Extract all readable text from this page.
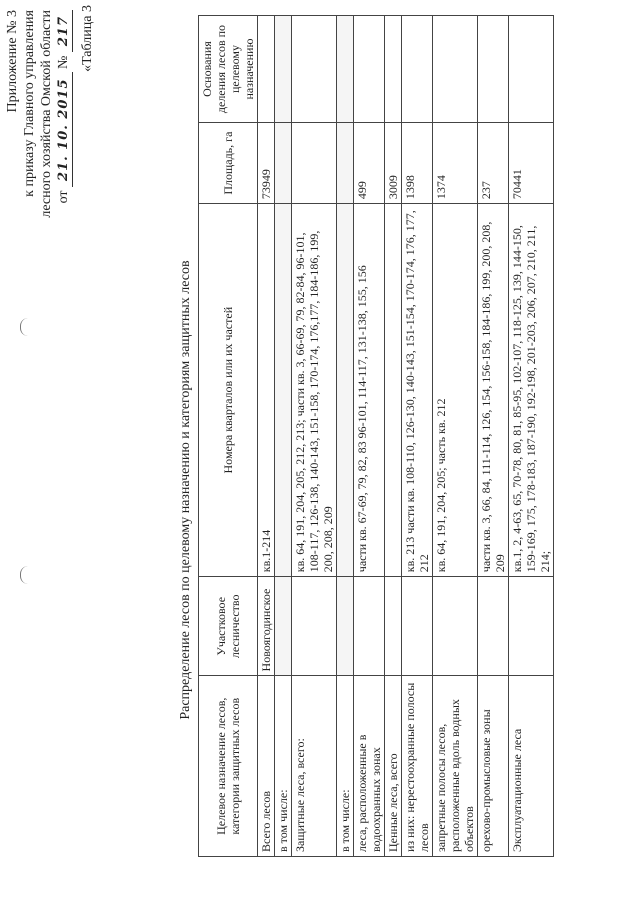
Приложение № 3 к приказу Главного управления лесного хозяйства Омской области от 21. 10. 2015 № 217 «Таблица 3
Распределение лесов по целевому назначению и категориям защитных лесов
Целевое назначение лесов, категории защитных лесов	Участковое лесничество	Номера кварталов или их частей	Площадь, га	Основания деления лесов по целевому назначению
Всего лесов	Новоягодинское	кв.1-214	73949	
в том числе:				
Защитные леса, всего:		кв. 64, 191, 204, 205, 212, 213; части кв. 3, 66-69, 79, 82-84, 96-101, 108-117, 126-138, 140-143, 151-158, 170-174, 176,177, 184-186, 199, 200, 208, 209		
в том числе:				
леса, расположенные в водоохранных зонах		части кв. 67-69, 79, 82, 83 96-101, 114-117, 131-138, 155, 156	499	
Ценные леса, всего			3009	
из них: нерестоохранные полосы лесов		кв. 213 части кв. 108-110, 126-130, 140-143, 151-154, 170-174, 176, 177, 212	1398	
запретные полосы лесов, расположенные вдоль водных объектов		кв. 64, 191, 204, 205; часть кв. 212	1374	
орехово-промысловые зоны		части кв. 3, 66, 84, 111-114, 126, 154, 156-158, 184-186, 199, 200, 208, 209	237	
Эксплуатационные леса		кв.1, 2, 4-63, 65, 70-78, 80, 81, 85-95, 102-107, 118-125, 139, 144-150, 159-169, 175, 178-183, 187-190, 192-198, 201-203, 206, 207, 210, 211, 214;	70441	
